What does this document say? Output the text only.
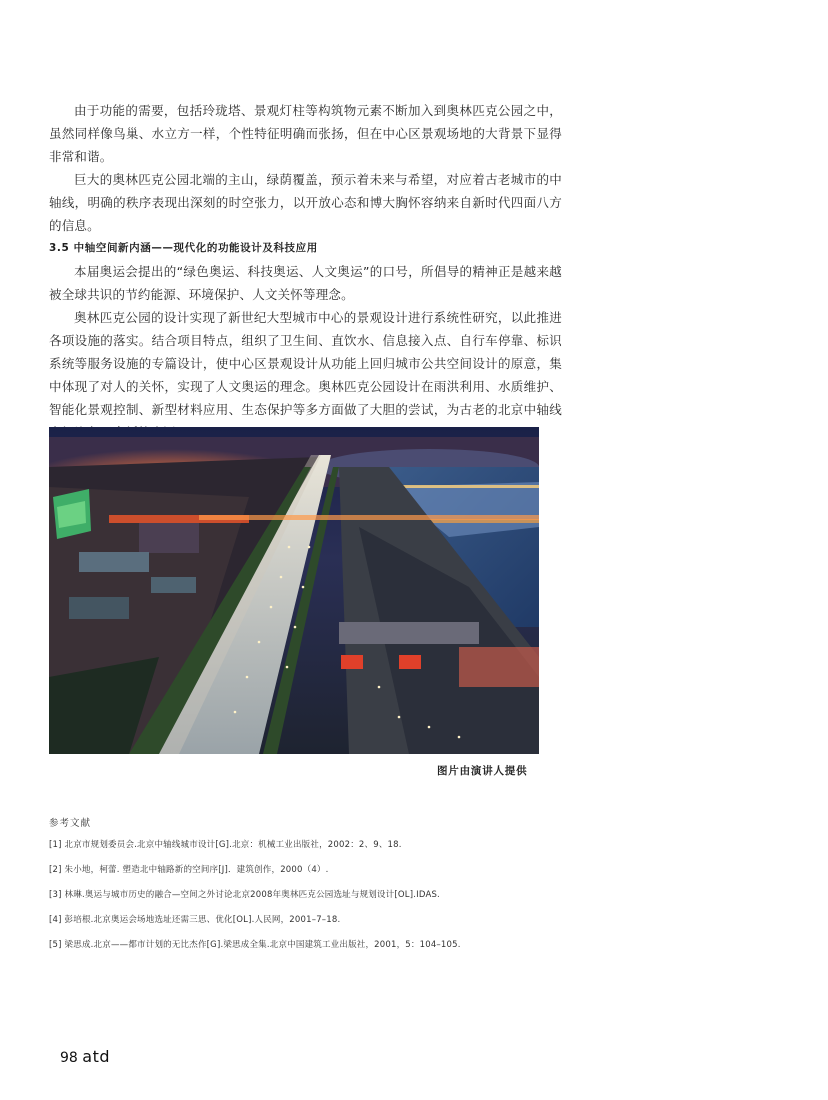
由于功能的需要，包括玲珑塔、景观灯柱等构筑物元素不断加入到奥林匹克公园之中，虽然同样像鸟巢、水立方一样，个性特征明确而张扬，但在中心区景观场地的大背景下显得非常和谐。

巨大的奥林匹克公园北端的主山，绿荫覆盖，预示着未来与希望，对应着古老城市的中轴线，明确的秩序表现出深刻的时空张力，以开放心态和博大胸怀容纳来自新时代四面八方的信息。

3.5 中轴空间新内涵——现代化的功能设计及科技应用

本届奥运会提出的“绿色奥运、科技奥运、人文奥运”的口号，所倡导的精神正是越来越被全球共识的节约能源、环境保护、人文关怀等理念。

奥林匹克公园的设计实现了新世纪大型城市中心的景观设计进行系统性研究，以此推进各项设施的落实。结合项目特点，组织了卫生间、直饮水、信息接入点、自行车停靠、标识系统等服务设施的专篇设计，使中心区景观设计从功能上回归城市公共空间设计的原意，集中体现了对人的关怀，实现了人文奥运的理念。奥林匹克公园设计在雨洪利用、水质维护、智能化景观控制、新型材料应用、生态保护等多方面做了大胆的尝试，为古老的北京中轴线

图片由演讲人提供
参考文献
[1] 北京市规划委员会.北京中轴线城市设计[G].北京：机械工业出版社，2002：2、9、18.
[2] 朱小地，柯蕾. 塑造北中轴路新的空间序[J]．建筑创作，2000（4）.
[3] 林琳.奥运与城市历史的融合—空间之外讨论北京2008年奥林匹克公园选址与规划设计[OL].IDAS.
[4] 彭培根.北京奥运会场地选址还需三思、优化[OL].人民网，2001–7–18.
[5] 梁思成.北京——都市计划的无比杰作[G].梁思成全集.北京中国建筑工业出版社，2001，5：104–105.
98 atd
